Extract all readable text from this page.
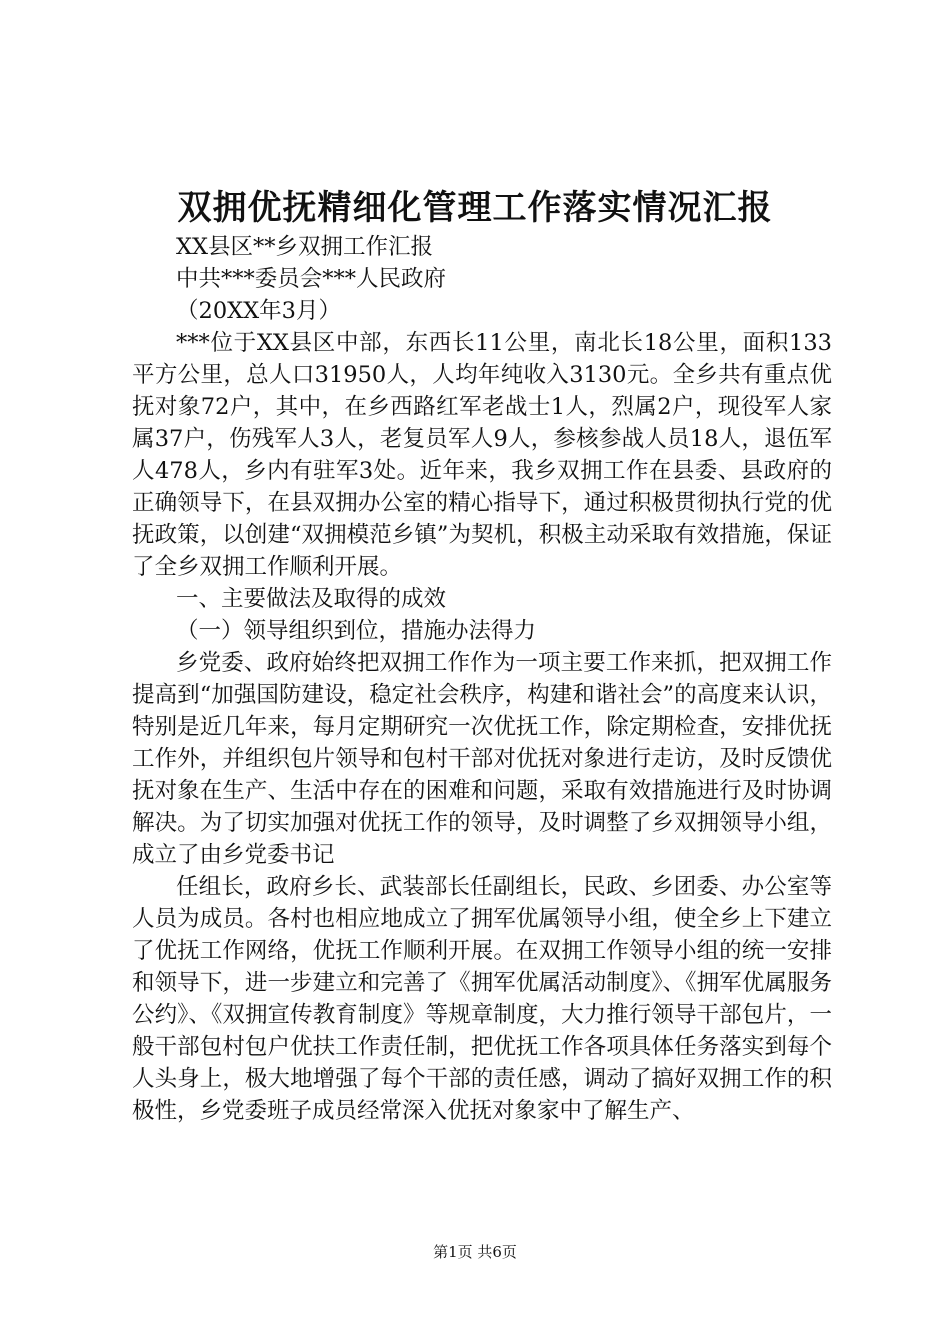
双拥优抚精细化管理工作落实情况汇报

XX县区**乡双拥工作汇报

中共***委员会***人民政府

（20XX年3月）

***位于XX县区中部，东西长11公里，南北长18公里，面积133平方公里，总人口31950人，人均年纯收入3130元。全乡共有重点优抚对象72户，其中，在乡西路红军老战士1人，烈属2户，现役军人家属37户，伤残军人3人，老复员军人9人，参核参战人员18人，退伍军人478人，乡内有驻军3处。近年来，我乡双拥工作在县委、县政府的正确领导下，在县双拥办公室的精心指导下，通过积极贯彻执行党的优抚政策，以创建“双拥模范乡镇”为契机，积极主动采取有效措施，保证了全乡双拥工作顺利开展。

一、主要做法及取得的成效

（一）领导组织到位，措施办法得力

乡党委、政府始终把双拥工作作为一项主要工作来抓，把双拥工作提高到“加强国防建设，稳定社会秩序，构建和谐社会”的高度来认识，特别是近几年来，每月定期研究一次优抚工作，除定期检查，安排优抚工作外，并组织包片领导和包村干部对优抚对象进行走访，及时反馈优抚对象在生产、生活中存在的困难和问题，采取有效措施进行及时协调解决。为了切实加强对优抚工作的领导，及时调整了乡双拥领导小组，成立了由乡党委书记

任组长，政府乡长、武装部长任副组长，民政、乡团委、办公室等人员为成员。各村也相应地成立了拥军优属领导小组，使全乡上下建立了优抚工作网络，优抚工作顺利开展。在双拥工作领导小组的统一安排和领导下，进一步建立和完善了《拥军优属活动制度》、《拥军优属服务公约》、《双拥宣传教育制度》等规章制度，大力推行领导干部包片，一般干部包村包户优扶工作责任制，把优抚工作各项具体任务落实到每个人头身上，极大地增强了每个干部的责任感，调动了搞好双拥工作的积极性，乡党委班子成员经常深入优抚对象家中了解生产、

第1页 共6页
